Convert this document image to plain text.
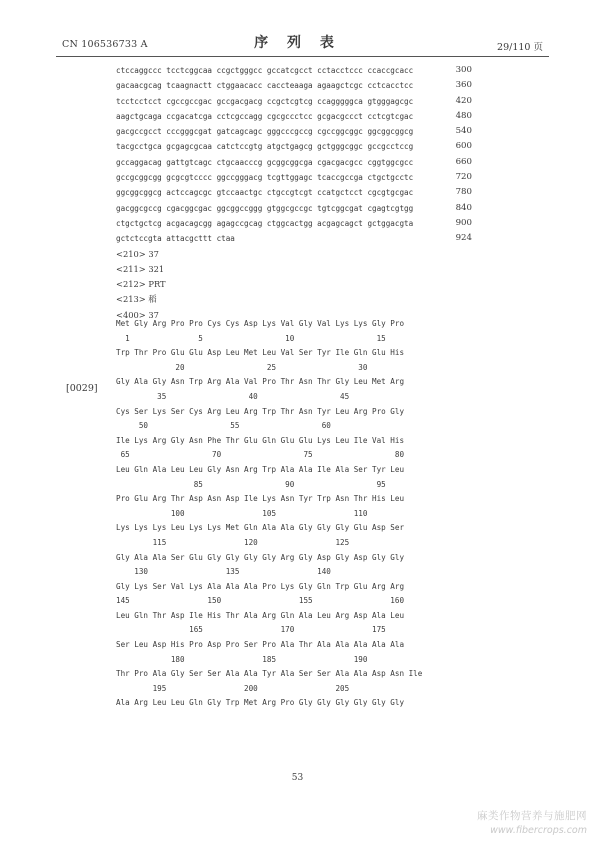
CN 106536733 A	序 列 表	29/110 页
[0029]
ctccaggccc tcctcggcaa ccgctgggcc gccatcgcct cctacctccc ccaccgcacc	300
gacaacgcag tcaagnactt ctggaacacc caccteaaga agaagctcgc cctcacctcc	360
tcctcctcct cgccgccgac gccgacgacg ccgctcgtcg ccagggggca gtgggagcgc	420
aagctgcaga ccgacatcga cctcgccagg cgcgccctcc gcgacgccct cctcgtcgac	480
gacgccgcct cccgggcgat gatcagcagc gggcccgccg cgccggcggc ggcggcggcg	540
tacgcctgca gcgagcgcaa catctccgtg atgctgagcg gctgggcggc gccgcctccg	600
gccaggacag gattgtcagc ctgcaacccg gcggcggcga cgacgacgcc cggtggcgcc	660
gccgcggcgg gcgcgtcccc ggccgggacg tcgttggagc tcaccgccga ctgctgcctc	720
ggcggcggcg actccagcgc gtccaactgc ctgccgtcgt ccatgctcct cgcgtgcgac	780
gacggcgccg cgacggcgac ggcggccggg gtggcgccgc tgtcggcgat cgagtcgtgg	840
ctgctgctcg acgacagcgg agagccgcag ctggcactgg acgagcagct gctggacgta	900
gctctccgta attacgcttt ctaa	924
<210> 37
<211> 321
<212> PRT
<213> 稻
<400> 37
Met Gly Arg Pro Pro Cys Cys Asp Lys Val Gly Val Lys Lys Gly Pro
1               5                  10                  15
Trp Thr Pro Glu Glu Asp Leu Met Leu Val Ser Tyr Ile Gln Glu His
20                  25                  30
Gly Ala Gly Asn Trp Arg Ala Val Pro Thr Asn Thr Gly Leu Met Arg
35                  40                  45
Cys Ser Lys Ser Cys Arg Leu Arg Trp Thr Asn Tyr Leu Arg Pro Gly
50                  55                  60
Ile Lys Arg Gly Asn Phe Thr Glu Gln Glu Glu Lys Leu Ile Val His
65                  70                  75                  80
Leu Gln Ala Leu Leu Gly Asn Arg Trp Ala Ala Ile Ala Ser Tyr Leu
85                  90                  95
Pro Glu Arg Thr Asp Asn Asp Ile Lys Asn Tyr Trp Asn Thr His Leu
100                 105                 110
Lys Lys Lys Leu Lys Lys Met Gln Ala Ala Gly Gly Gly Glu Asp Ser
115                 120                 125
Gly Ala Ala Ser Glu Gly Gly Gly Gly Arg Gly Asp Gly Asp Gly Gly
130                 135                 140
Gly Lys Ser Val Lys Ala Ala Ala Pro Lys Gly Gln Trp Glu Arg Arg
145                 150                 155                 160
Leu Gln Thr Asp Ile His Thr Ala Arg Gln Ala Leu Arg Asp Ala Leu
165                 170                 175
Ser Leu Asp His Pro Asp Pro Ser Pro Ala Thr Ala Ala Ala Ala Ala
180                 185                 190
Thr Pro Ala Gly Ser Ser Ala Ala Tyr Ala Ser Ser Ala Ala Asp Asn Ile
195                 200                 205
Ala Arg Leu Leu Gln Gly Trp Met Arg Pro Gly Gly Gly Gly Gly Gly
53
麻类作物营养与施肥网
www.fibercrops.com
